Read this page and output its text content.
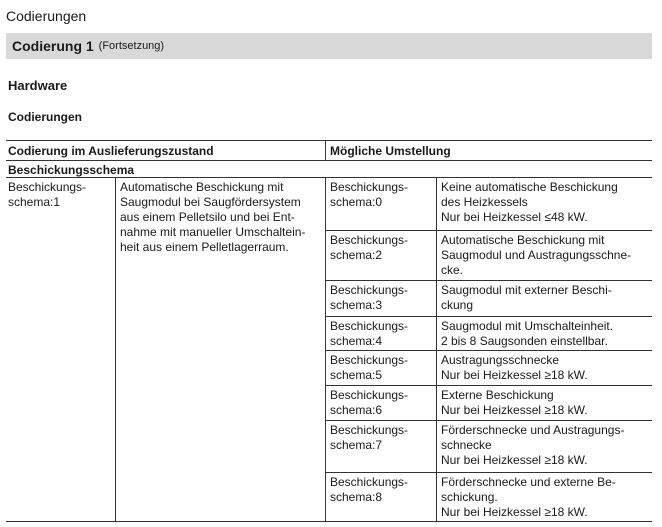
Codierungen
Codierung 1 (Fortsetzung)
Hardware
Codierungen
Codierung im Auslieferungszustand	Mögliche Umstellung
Beschickungsschema
Beschickungs-
schema:1
Automatische Beschickung mit
Saugmodul bei Saugfördersystem
aus einem Pelletsilo und bei Ent-
nahme mit manueller Umschaltein-
heit aus einem Pelletlagerraum.
Beschickungs-
schema:0
Keine automatische Beschickung
des Heizkessels
Nur bei Heizkessel ≤48 kW.
Beschickungs-
schema:2
Automatische Beschickung mit
Saugmodul und Austragungsschne-
cke.
Beschickungs-
schema:3
Saugmodul mit externer Beschi-
ckung
Beschickungs-
schema:4
Saugmodul mit Umschalteinheit.
2 bis 8 Saugsonden einstellbar.
Beschickungs-
schema:5
Austragungsschnecke
Nur bei Heizkessel ≥18 kW.
Beschickungs-
schema:6
Externe Beschickung
Nur bei Heizkessel ≥18 kW.
Beschickungs-
schema:7
Förderschnecke und Austragungs-
schnecke
Nur bei Heizkessel ≥18 kW.
Beschickungs-
schema:8
Förderschnecke und externe Be-
schickung.
Nur bei Heizkessel ≥18 kW.
